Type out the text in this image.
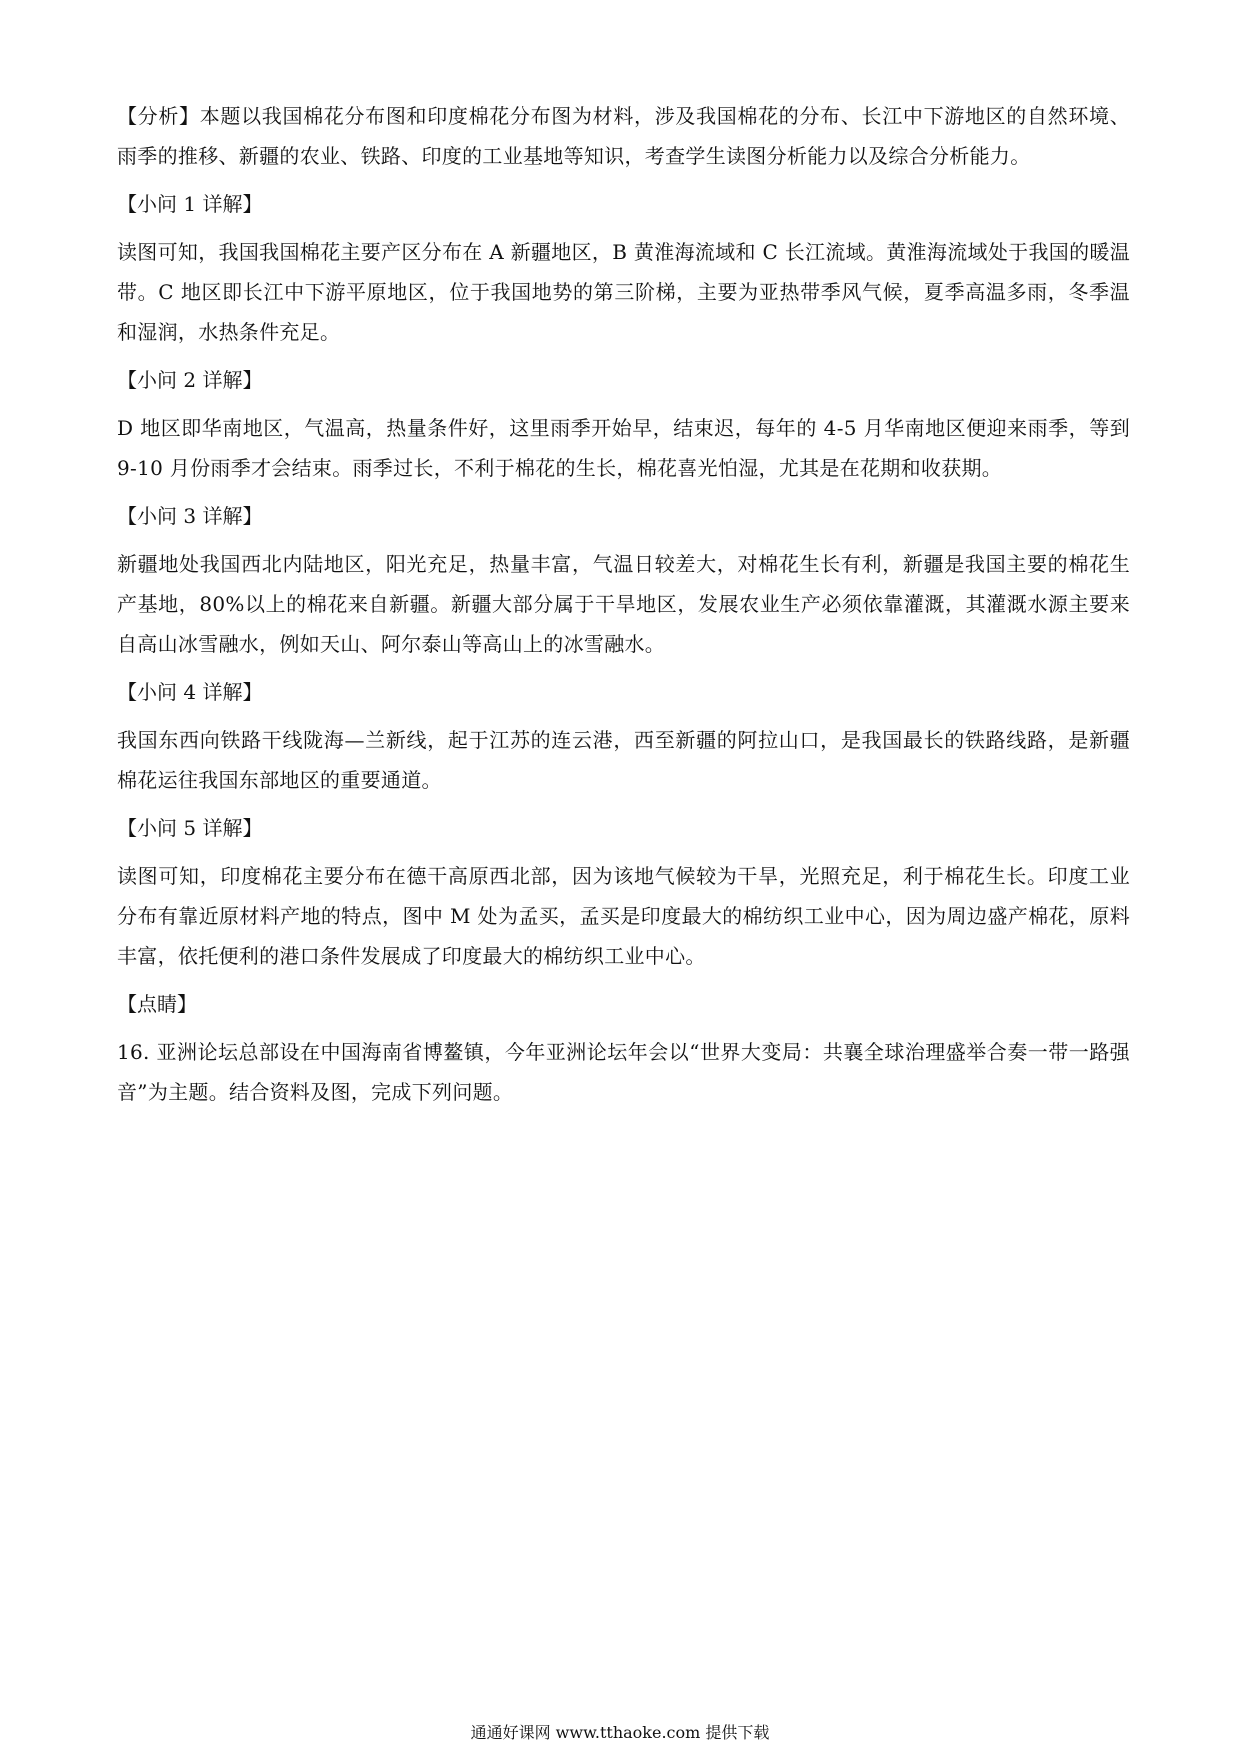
【分析】本题以我国棉花分布图和印度棉花分布图为材料，涉及我国棉花的分布、长江中下游地区的自然环境、雨季的推移、新疆的农业、铁路、印度的工业基地等知识，考查学生读图分析能力以及综合分析能力。

【小问 1 详解】

读图可知，我国我国棉花主要产区分布在 A 新疆地区，B 黄淮海流域和 C 长江流域。黄淮海流域处于我国的暖温带。C 地区即长江中下游平原地区，位于我国地势的第三阶梯，主要为亚热带季风气候，夏季高温多雨，冬季温和湿润，水热条件充足。

【小问 2 详解】

D 地区即华南地区，气温高，热量条件好，这里雨季开始早，结束迟，每年的 4-5 月华南地区便迎来雨季，等到 9-10 月份雨季才会结束。雨季过长，不利于棉花的生长，棉花喜光怕湿，尤其是在花期和收获期。

【小问 3 详解】

新疆地处我国西北内陆地区，阳光充足，热量丰富，气温日较差大，对棉花生长有利，新疆是我国主要的棉花生产基地，80%以上的棉花来自新疆。新疆大部分属于干旱地区，发展农业生产必须依靠灌溉，其灌溉水源主要来自高山冰雪融水，例如天山、阿尔泰山等高山上的冰雪融水。

【小问 4 详解】

我国东西向铁路干线陇海—兰新线，起于江苏的连云港，西至新疆的阿拉山口，是我国最长的铁路线路，是新疆棉花运往我国东部地区的重要通道。

【小问 5 详解】

读图可知，印度棉花主要分布在德干高原西北部，因为该地气候较为干旱，光照充足，利于棉花生长。印度工业分布有靠近原材料产地的特点，图中 M 处为孟买，孟买是印度最大的棉纺织工业中心，因为周边盛产棉花，原料丰富，依托便利的港口条件发展成了印度最大的棉纺织工业中心。

【点睛】

16. 亚洲论坛总部设在中国海南省博鳌镇，今年亚洲论坛年会以“世界大变局：共襄全球治理盛举合奏一带一路强音”为主题。结合资料及图，完成下列问题。

通通好课网 www.tthaoke.com 提供下载
